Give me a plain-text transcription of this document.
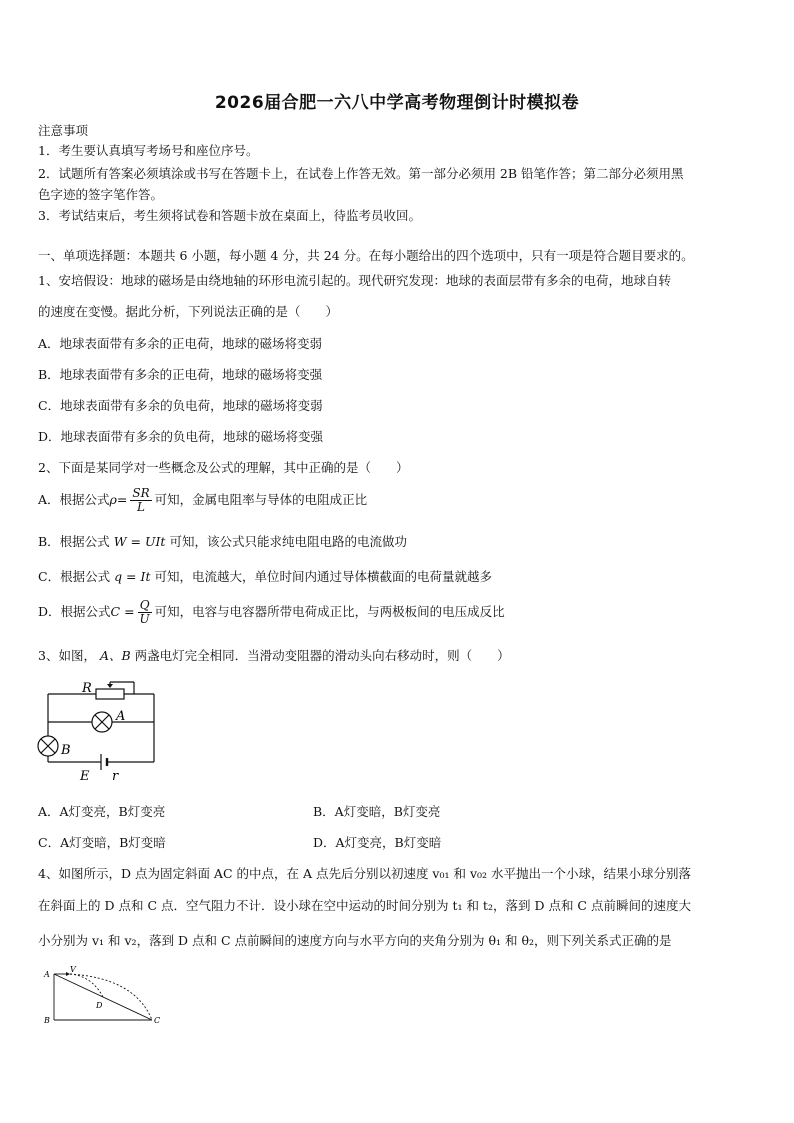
2026届合肥一六八中学高考物理倒计时模拟卷
注意事项
1．考生要认真填写考场号和座位序号。
2．试题所有答案必须填涂或书写在答题卡上，在试卷上作答无效。第一部分必须用 2B 铅笔作答；第二部分必须用黑
色字迹的签字笔作答。
3．考试结束后，考生须将试卷和答题卡放在桌面上，待监考员收回。
一、单项选择题：本题共 6 小题，每小题 4 分，共 24 分。在每小题给出的四个选项中，只有一项是符合题目要求的。
1、安培假设：地球的磁场是由绕地轴的环形电流引起的。现代研究发现：地球的表面层带有多余的电荷，地球自转
的速度在变慢。据此分析，下列说法正确的是（　　）
A．地球表面带有多余的正电荷，地球的磁场将变弱
B．地球表面带有多余的正电荷，地球的磁场将变强
C．地球表面带有多余的负电荷，地球的磁场将变弱
D．地球表面带有多余的负电荷，地球的磁场将变强
2、下面是某同学对一些概念及公式的理解，其中正确的是（　　）
A．根据公式$\rho= \frac{SR}{L}$ 可知，金属电阻率与导体的电阻成正比
B．根据公式 W = UIt 可知，该公式只能求纯电阻电路的电流做功
C．根据公式 q = It 可知，电流越大，单位时间内通过导体横截面的电荷量就越多
D．根据公式$C = \frac{Q}{U}$ 可知，电容与电容器所带电荷成正比，与两极板间的电压成反比
3、如图， A、B 两盏电灯完全相同．当滑动变阻器的滑动头向右移动时，则（　　）
R
A
B
E r
A．A灯变亮，B灯变亮	B．A灯变暗，B灯变亮
C．A灯变暗，B灯变暗	D．A灯变亮，B灯变暗
4、如图所示，D 点为固定斜面 AC 的中点，在 A 点先后分别以初速度 v₀₁ 和 v₀₂ 水平抛出一个小球，结果小球分别落
在斜面上的 D 点和 C 点．空气阻力不计．设小球在空中运动的时间分别为 t₁ 和 t₂，落到 D 点和 C 点前瞬间的速度大
小分别为 v₁ 和 v₂，落到 D 点和 C 点前瞬间的速度方向与水平方向的夹角分别为 θ₁ 和 θ₂，则下列关系式正确的是
A
V
D
B	C
